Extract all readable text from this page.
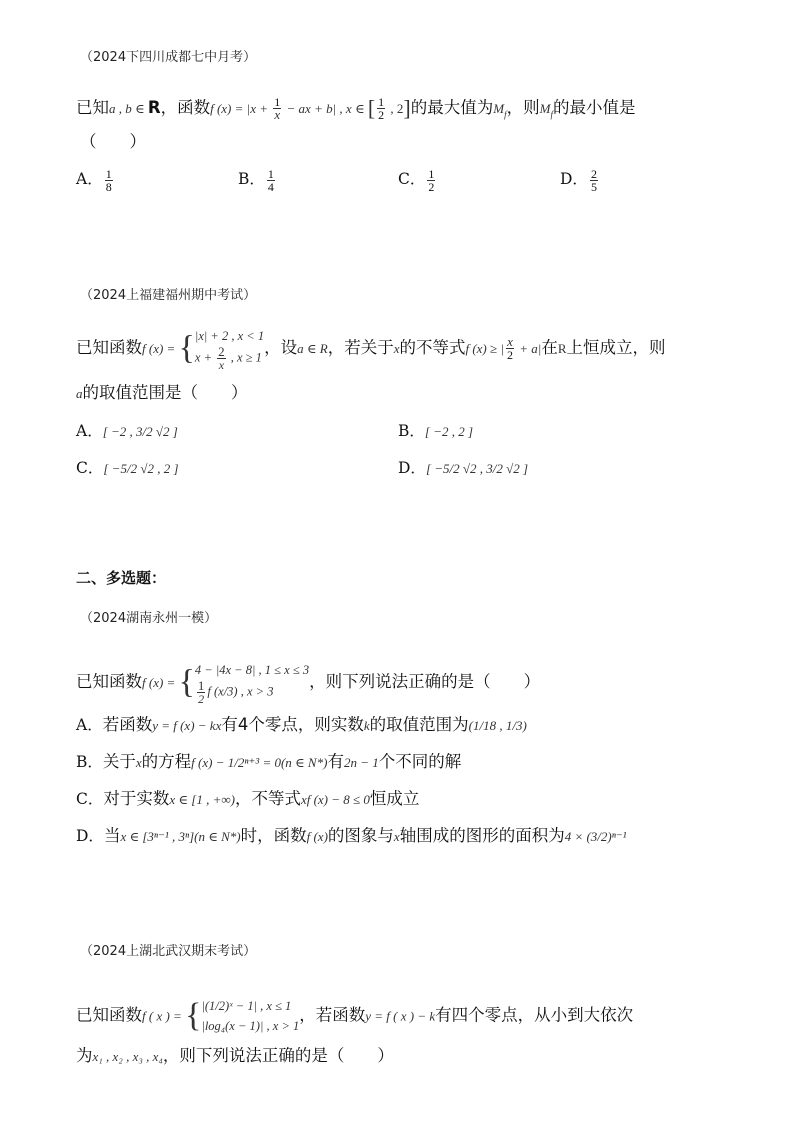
（2024下四川成都七中月考）
已知a , b ∈ R，函数f $(x) = |x + \frac{1}{x}$ − ax + b| , x ∈ [ $\frac{1}{2}$ , 2]的最大值为$M_f$，则$M_f$的最小值是
（　　）
A． $\frac{1}{8}$	B． $\frac{1}{4}$	C． $\frac{1}{2}$	D． $\frac{2}{5}$
（2024上福建福州期中考试）
已知函数f (x) = { |x| + 2 , x < 1
$x + \frac{2}{x}$ , x ≥ 1
，设a ∈ R，若关于x的不等式f (x) ≥ | $\frac{x}{2} + a|$在R上恒成立，则
a的取值范围是（　　）
A．[ −2 , 3/2 √2 ]	B．[ −2 , 2 ]
C．[ −5/2 √2 , 2 ]	D．[ −5/2 √2 , 3/2 √2 ]
二、多选题：
（2024湖南永州一模）
已知函数f (x) = { 4 − |4x − 8| , 1 ≤ x ≤ 3
$\frac{1}{2}$ f (x/3) , x > 3
，则下列说法正确的是（　　）
A．若函数y = f (x) − kx有4个零点，则实数k的取值范围为(1/18 , 1/3)
B．关于x的方程f (x) − 1/2ⁿ⁺³ = 0(n ∈ N*)有2n − 1个不同的解
C．对于实数x ∈ [1 , +∞)，不等式xf (x) − 8 ≤ 0恒成立
D．当x ∈ [3ⁿ⁻¹ , 3ⁿ](n ∈ N*)时，函数f (x)的图象与x轴围成的图形的面积为4 × (3/2)ⁿ⁻¹
（2024上湖北武汉期末考试）
已知函数f ( x ) = { |(1/2)ˣ − 1| , x ≤ 1
|log₄(x − 1)| , x > 1
，若函数y = f ( x ) − k有四个零点，从小到大依次
为x₁ , x₂ , x₃ , x₄，则下列说法正确的是（　　）
